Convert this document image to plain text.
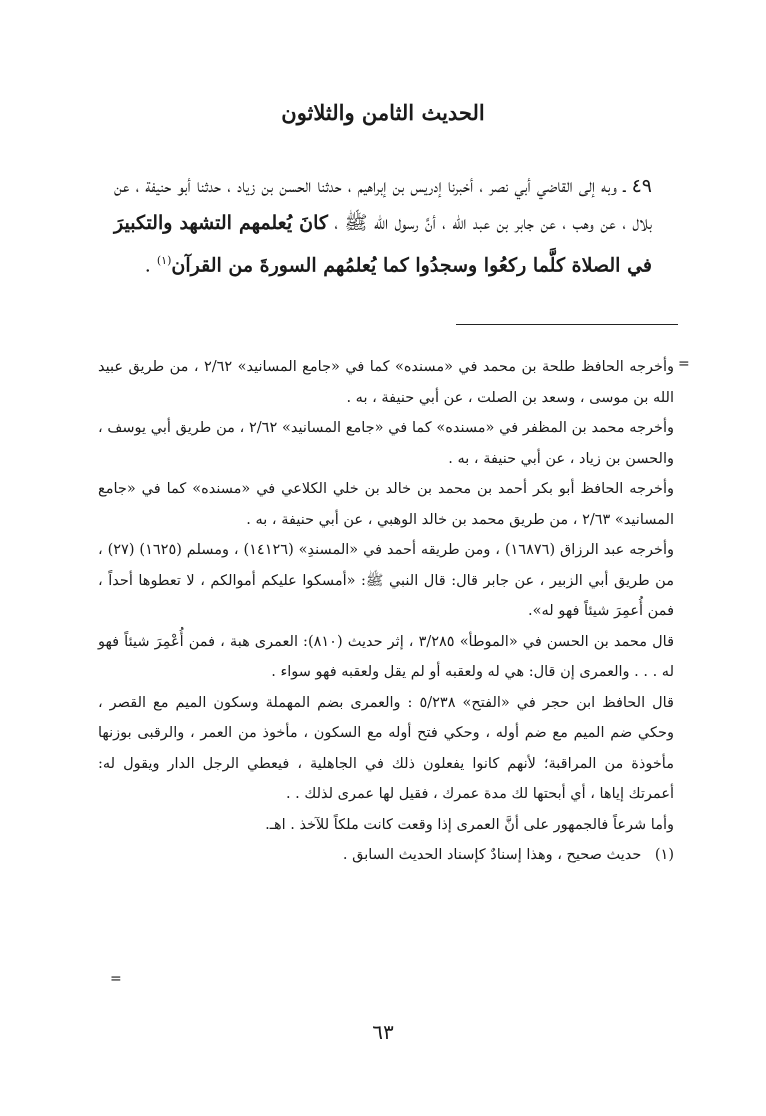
الحديث الثامن والثلاثون
٤٩ ـ وبه إلى القاضي أبي نصر ، أخبرنا إدريس بن إبراهيم ، حدثنا الحسن بن زياد ، حدثنا أبو حنيفة ، عن بلال ، عن وهب ، عن جابر بن عبد الله ، أنَّ رسول الله ﷺ ، كانَ يُعلمهم التشهد والتكبيرَ في الصلاة كلَّما ركعُوا وسجدُوا كما يُعلمُهم السورةَ من القرآن$^{(١)}$ .
=

وأخرجه الحافظ طلحة بن محمد في «مسنده» كما في «جامع المسانيد» ٢/٦٢ ، من طريق عبيد الله بن موسى ، وسعد بن الصلت ، عن أبي حنيفة ، به .

وأخرجه محمد بن المظفر في «مسنده» كما في «جامع المسانيد» ٢/٦٢ ، من طريق أبي يوسف ، والحسن بن زياد ، عن أبي حنيفة ، به .

وأخرجه الحافظ أبو بكر أحمد بن محمد بن خالد بن خلي الكلاعي في «مسنده» كما في «جامع المسانيد» ٢/٦٣ ، من طريق محمد بن خالد الوهبي ، عن أبي حنيفة ، به .

وأخرجه عبد الرزاق (١٦٨٧٦) ، ومن طريقه أحمد في «المسندِ» (١٤١٢٦) ، ومسلم (١٦٢٥) (٢٧) ، من طريق أبي الزبير ، عن جابر قال: قال النبي ﷺ: «أمسكوا عليكم أموالكم ، لا تعطوها أحداً ، فمن أُعمِرَ شيئاً فهو له».

قال محمد بن الحسن في «الموطأ» ٣/٢٨٥ ، إثر حديث (٨١٠): العمرى هبة ، فمن أُعْمِرَ شيئاً فهو له . . . والعمرى إن قال: هي له ولعقبه أو لم يقل ولعقبه فهو سواء .

قال الحافظ ابن حجر في «الفتح» ٥/٢٣٨ : والعمرى بضم المهملة وسكون الميم مع القصر ، وحكي ضم الميم مع ضم أوله ، وحكي فتح أوله مع السكون ، مأخوذ من العمر ، والرقبى بوزنها مأخوذة من المراقبة؛ لأنهم كانوا يفعلون ذلك في الجاهلية ، فيعطي الرجل الدار ويقول له: أعمرتك إياها ، أي أبحتها لك مدة عمرك ، فقيل لها عمرى لذلك . .

وأما شرعاً فالجمهور على أنَّ العمرى إذا وقعت كانت ملكاً للآخذ . اهـ.

(١) حديث صحيح ، وهذا إسنادٌ كإسناد الحديث السابق .

=
٦٣
